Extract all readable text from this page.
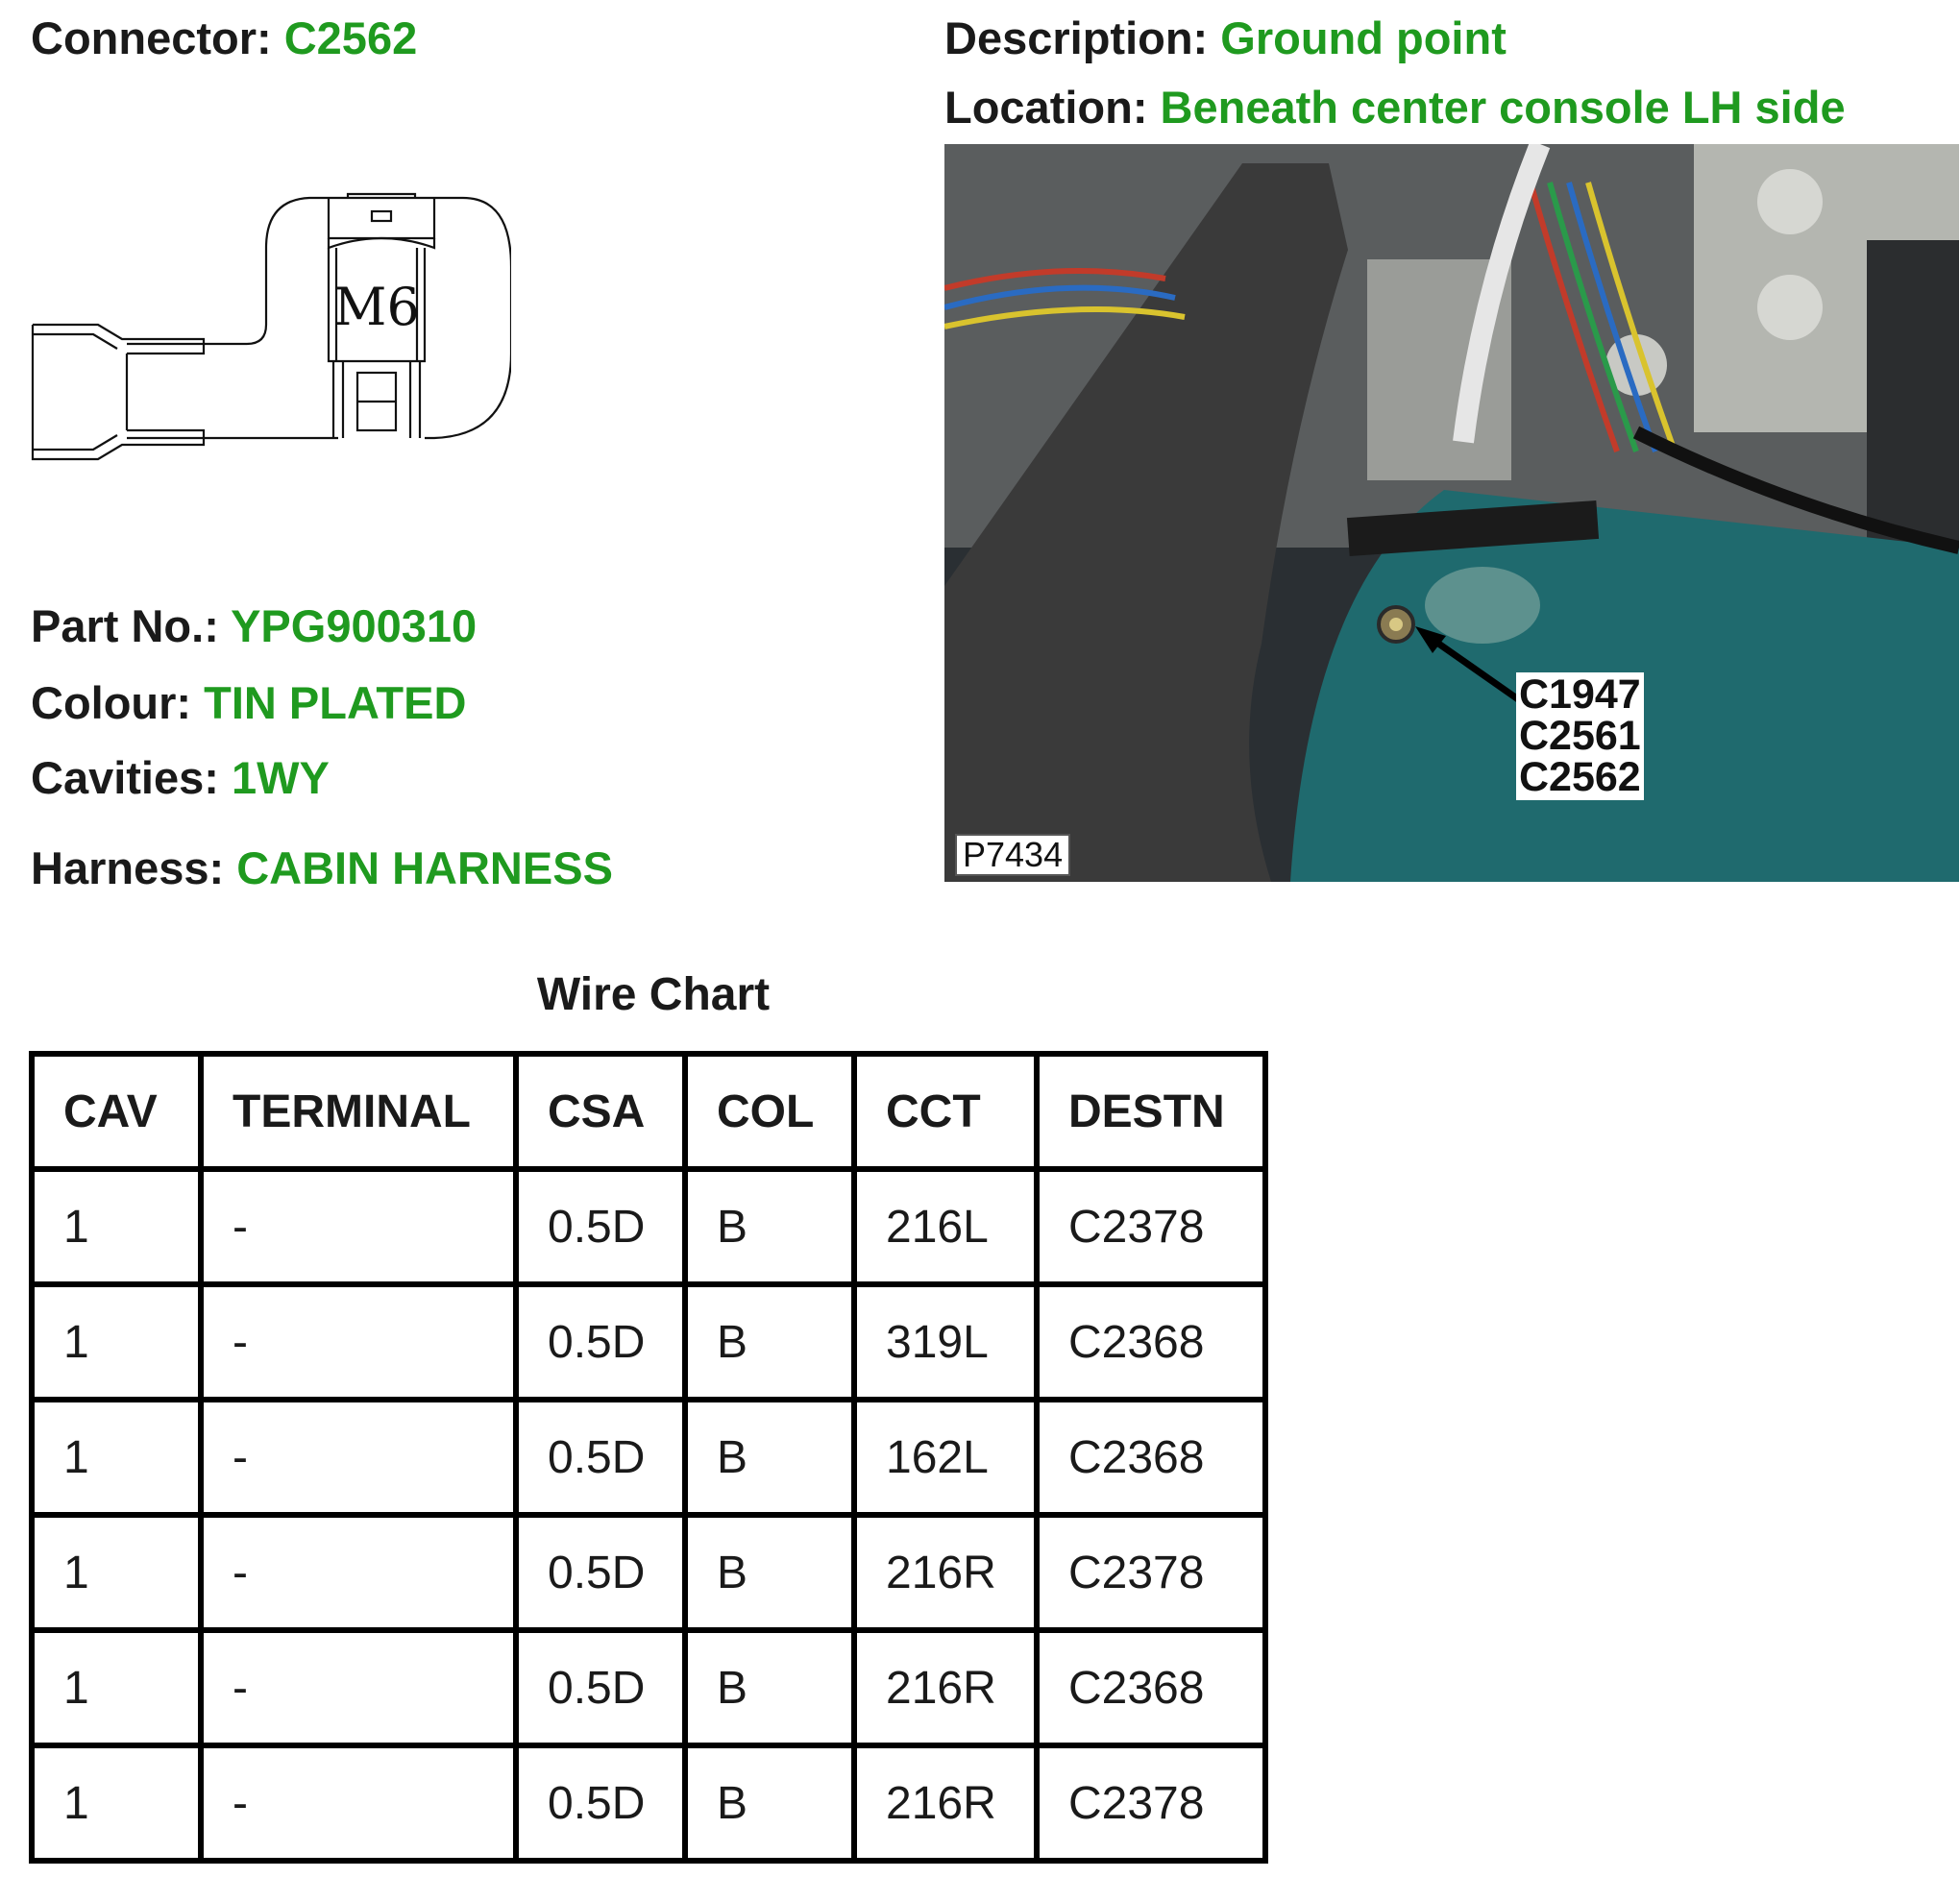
Connector: C2562	Description: Ground point
Location: Beneath center console LH side
M6
Part No.: YPG900310
Colour: TIN PLATED
Cavities: 1WY
Harness: CABIN HARNESS
C1947
C2561
C2562
P7434
Wire Chart
CAV	TERMINAL	CSA	COL	CCT	DESTN
1	-	0.5D	B	216L	C2378
1	-	0.5D	B	319L	C2368
1	-	0.5D	B	162L	C2368
1	-	0.5D	B	216R	C2378
1	-	0.5D	B	216R	C2368
1	-	0.5D	B	216R	C2378
